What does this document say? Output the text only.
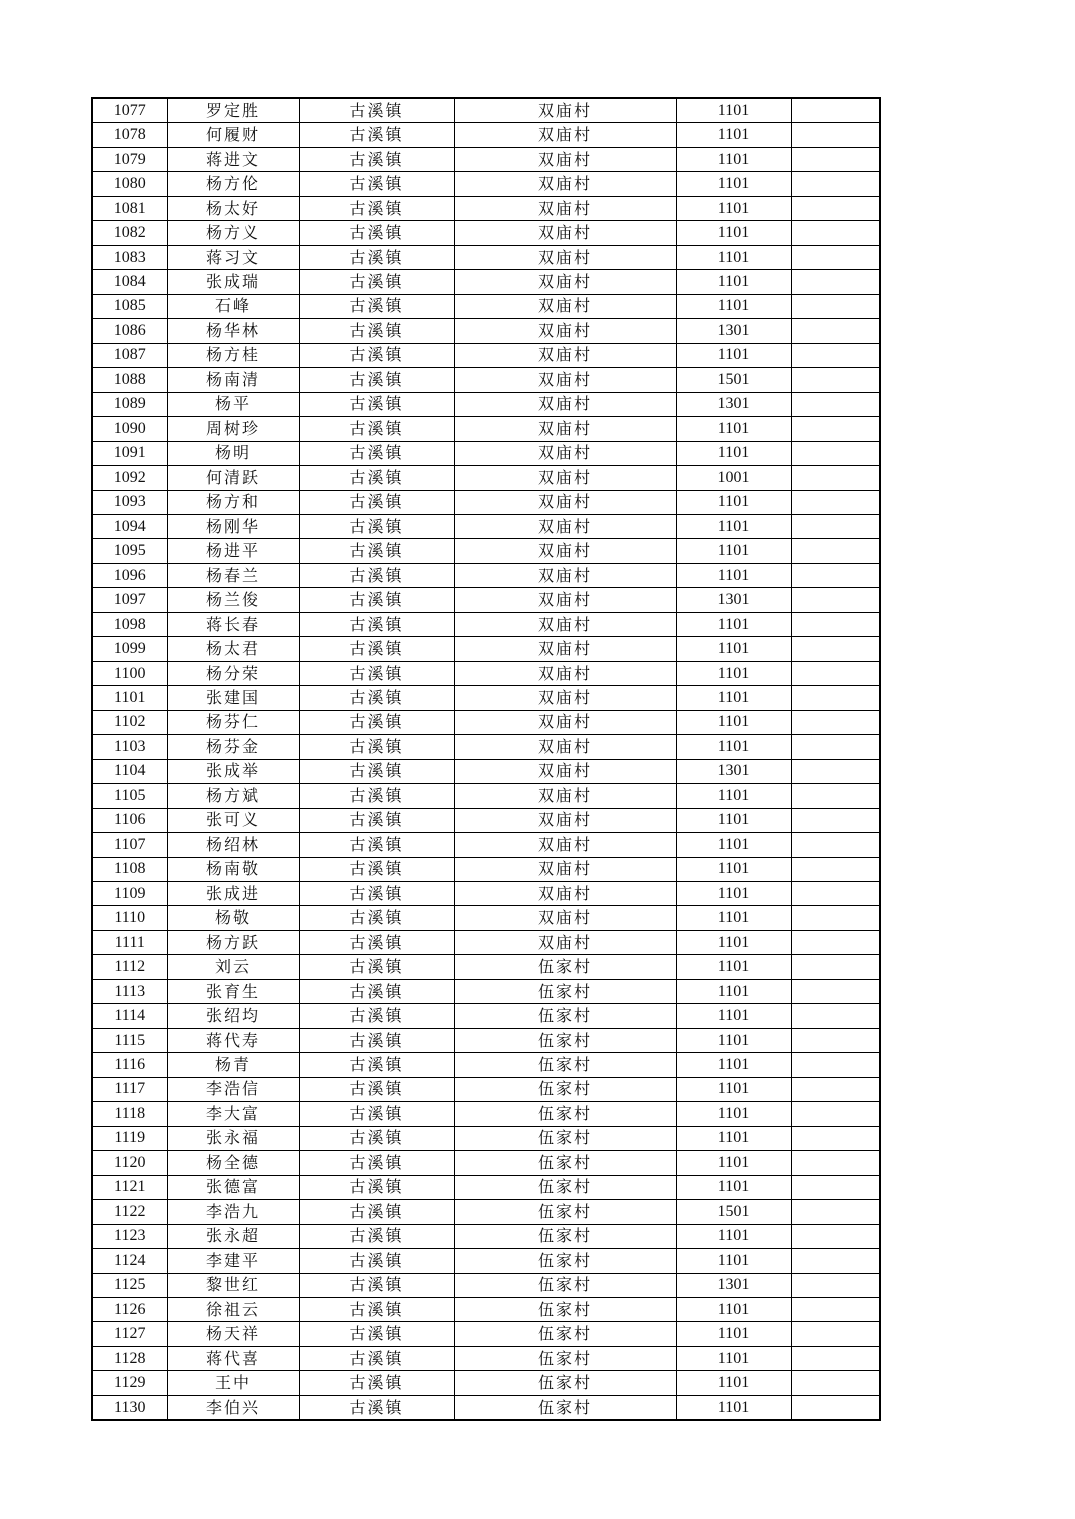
1077	罗定胜	古溪镇	双庙村	1101	
1078	何履财	古溪镇	双庙村	1101	
1079	蒋进文	古溪镇	双庙村	1101	
1080	杨方伦	古溪镇	双庙村	1101	
1081	杨太好	古溪镇	双庙村	1101	
1082	杨方义	古溪镇	双庙村	1101	
1083	蒋习文	古溪镇	双庙村	1101	
1084	张成瑞	古溪镇	双庙村	1101	
1085	石峰	古溪镇	双庙村	1101	
1086	杨华林	古溪镇	双庙村	1301	
1087	杨方桂	古溪镇	双庙村	1101	
1088	杨南清	古溪镇	双庙村	1501	
1089	杨平	古溪镇	双庙村	1301	
1090	周树珍	古溪镇	双庙村	1101	
1091	杨明	古溪镇	双庙村	1101	
1092	何清跃	古溪镇	双庙村	1001	
1093	杨方和	古溪镇	双庙村	1101	
1094	杨刚华	古溪镇	双庙村	1101	
1095	杨进平	古溪镇	双庙村	1101	
1096	杨春兰	古溪镇	双庙村	1101	
1097	杨兰俊	古溪镇	双庙村	1301	
1098	蒋长春	古溪镇	双庙村	1101	
1099	杨太君	古溪镇	双庙村	1101	
1100	杨分荣	古溪镇	双庙村	1101	
1101	张建国	古溪镇	双庙村	1101	
1102	杨芬仁	古溪镇	双庙村	1101	
1103	杨芬金	古溪镇	双庙村	1101	
1104	张成举	古溪镇	双庙村	1301	
1105	杨方斌	古溪镇	双庙村	1101	
1106	张可义	古溪镇	双庙村	1101	
1107	杨绍林	古溪镇	双庙村	1101	
1108	杨南敬	古溪镇	双庙村	1101	
1109	张成进	古溪镇	双庙村	1101	
1110	杨敬	古溪镇	双庙村	1101	
1111	杨方跃	古溪镇	双庙村	1101	
1112	刘云	古溪镇	伍家村	1101	
1113	张育生	古溪镇	伍家村	1101	
1114	张绍均	古溪镇	伍家村	1101	
1115	蒋代寿	古溪镇	伍家村	1101	
1116	杨青	古溪镇	伍家村	1101	
1117	李浩信	古溪镇	伍家村	1101	
1118	李大富	古溪镇	伍家村	1101	
1119	张永福	古溪镇	伍家村	1101	
1120	杨全德	古溪镇	伍家村	1101	
1121	张德富	古溪镇	伍家村	1101	
1122	李浩九	古溪镇	伍家村	1501	
1123	张永超	古溪镇	伍家村	1101	
1124	李建平	古溪镇	伍家村	1101	
1125	黎世红	古溪镇	伍家村	1301	
1126	徐祖云	古溪镇	伍家村	1101	
1127	杨天祥	古溪镇	伍家村	1101	
1128	蒋代喜	古溪镇	伍家村	1101	
1129	王中	古溪镇	伍家村	1101	
1130	李伯兴	古溪镇	伍家村	1101	
